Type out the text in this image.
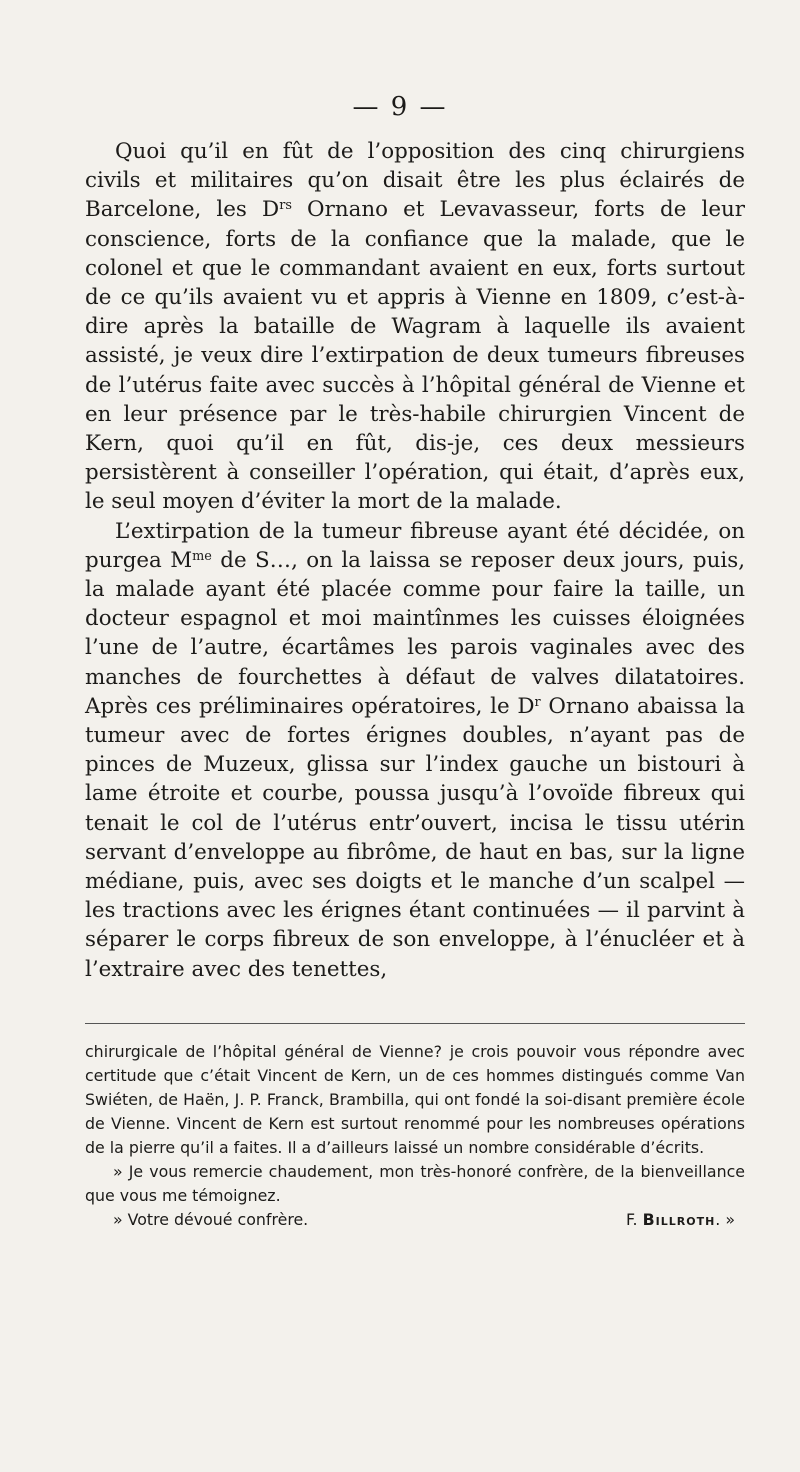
— 9 —

Quoi qu’il en fût de l’opposition des cinq chirurgiens civils et militaires qu’on disait être les plus éclairés de Barcelone, les $D^{rs}$ Ornano et Levavasseur, forts de leur conscience, forts de la confiance que la malade, que le colonel et que le commandant avaient en eux, forts surtout de ce qu’ils avaient vu et appris à Vienne en 1809, c’est-à-dire après la bataille de Wagram à laquelle ils avaient assisté, je veux dire l’extirpation de deux tumeurs fibreuses de l’utérus faite avec succès à l’hôpital général de Vienne et en leur présence par le très-habile chirurgien Vincent de Kern, quoi qu’il en fût, dis-je, ces deux messieurs persistèrent à conseiller l’opération, qui était, d’après eux, le seul moyen d’éviter la mort de la malade.

L’extirpation de la tumeur fibreuse ayant été décidée, on purgea $M^{me}$ de S…, on la laissa se reposer deux jours, puis, la malade ayant été placée comme pour faire la taille, un docteur espagnol et moi maintînmes les cuisses éloignées l’une de l’autre, écartâmes les parois vaginales avec des manches de fourchettes à défaut de valves dilatatoires. Après ces préliminaires opératoires, le $D^r$ Ornano abaissa la tumeur avec de fortes érignes doubles, n’ayant pas de pinces de Muzeux, glissa sur l’index gauche un bistouri à lame étroite et courbe, poussa jusqu’à l’ovoïde fibreux qui tenait le col de l’utérus entr’ouvert, incisa le tissu utérin servant d’enveloppe au fibrôme, de haut en bas, sur la ligne médiane, puis, avec ses doigts et le manche d’un scalpel — les tractions avec les érignes étant continuées — il parvint à séparer le corps fibreux de son enveloppe, à l’énucléer et à l’extraire avec des tenettes,

chirurgicale de l’hôpital général de Vienne? je crois pouvoir vous répondre avec certitude que c’était Vincent de Kern, un de ces hommes distingués comme Van Swiéten, de Haën, J. P. Franck, Brambilla, qui ont fondé la soi-disant première école de Vienne. Vincent de Kern est surtout renommé pour les nombreuses opérations de la pierre qu’il a faites. Il a d’ailleurs laissé un nombre considérable d’écrits.

» Je vous remercie chaudement, mon très-honoré confrère, de la bienveillance que vous me témoignez.

» Votre dévoué confrère.	F. Billroth. »
